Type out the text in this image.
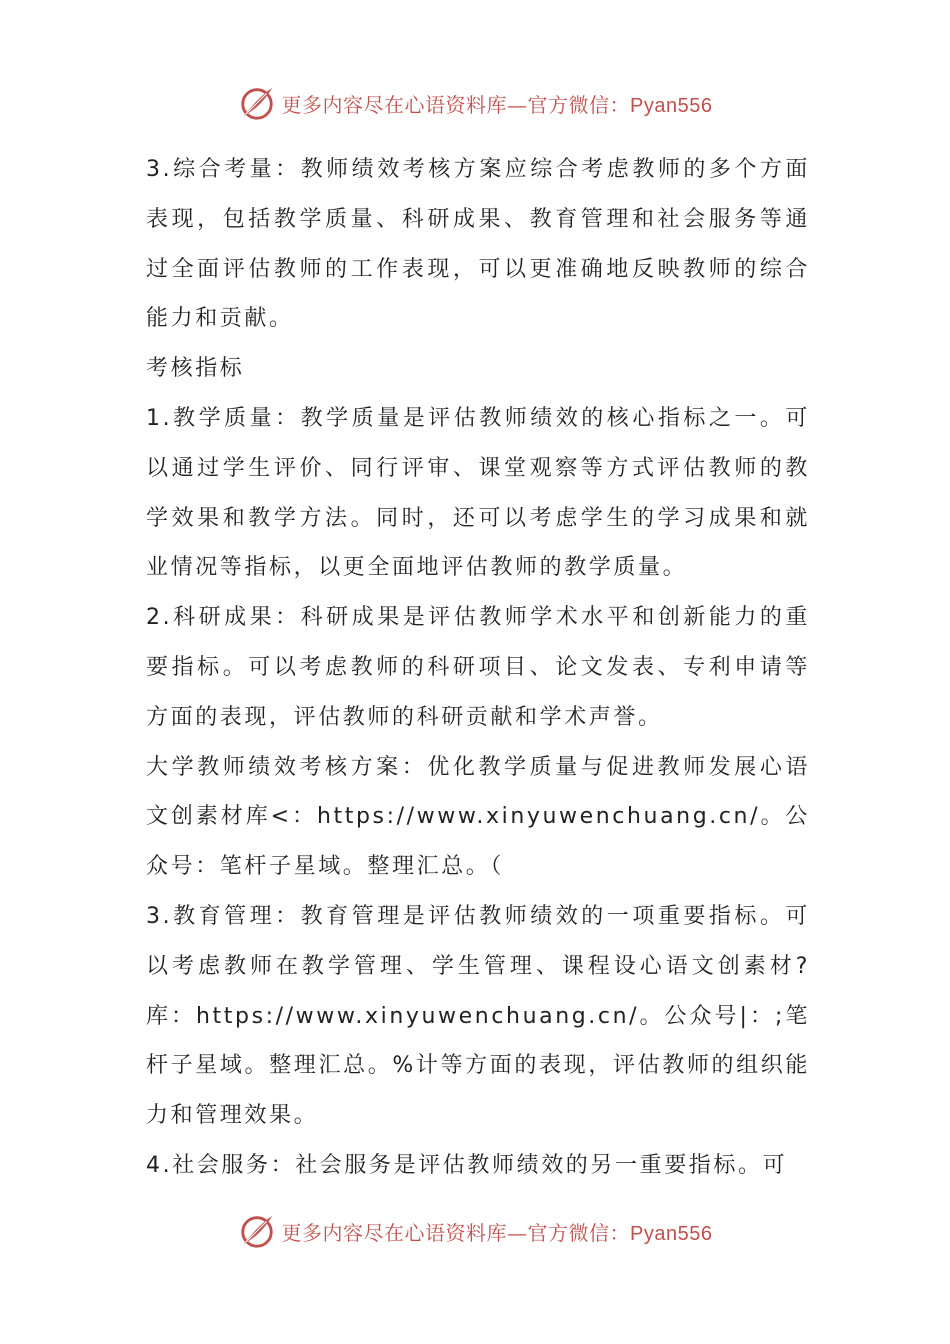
更多内容尽在心语资料库—官方微信：Pyan556

3.综合考量：教师绩效考核方案应综合考虑教师的多个方面表现，包括教学质量、科研成果、教育管理和社会服务等通过全面评估教师的工作表现，可以更准确地反映教师的综合能力和贡献。

考核指标

1.教学质量：教学质量是评估教师绩效的核心指标之一。可以通过学生评价、同行评审、课堂观察等方式评估教师的教学效果和教学方法。同时，还可以考虑学生的学习成果和就业情况等指标，以更全面地评估教师的教学质量。

2.科研成果：科研成果是评估教师学术水平和创新能力的重要指标。可以考虑教师的科研项目、论文发表、专利申请等方面的表现，评估教师的科研贡献和学术声誉。

大学教师绩效考核方案：优化教学质量与促进教师发展心语文创素材库<：https://www.xinyuwenchuang.cn/。公众号：笔杆子星域。整理汇总。（

3.教育管理：教育管理是评估教师绩效的一项重要指标。可以考虑教师在教学管理、学生管理、课程设心语文创素材?库：https://www.xinyuwenchuang.cn/。公众号|：;笔杆子星域。整理汇总。%计等方面的表现，评估教师的组织能力和管理效果。

4.社会服务：社会服务是评估教师绩效的另一重要指标。可

更多内容尽在心语资料库—官方微信：Pyan556
